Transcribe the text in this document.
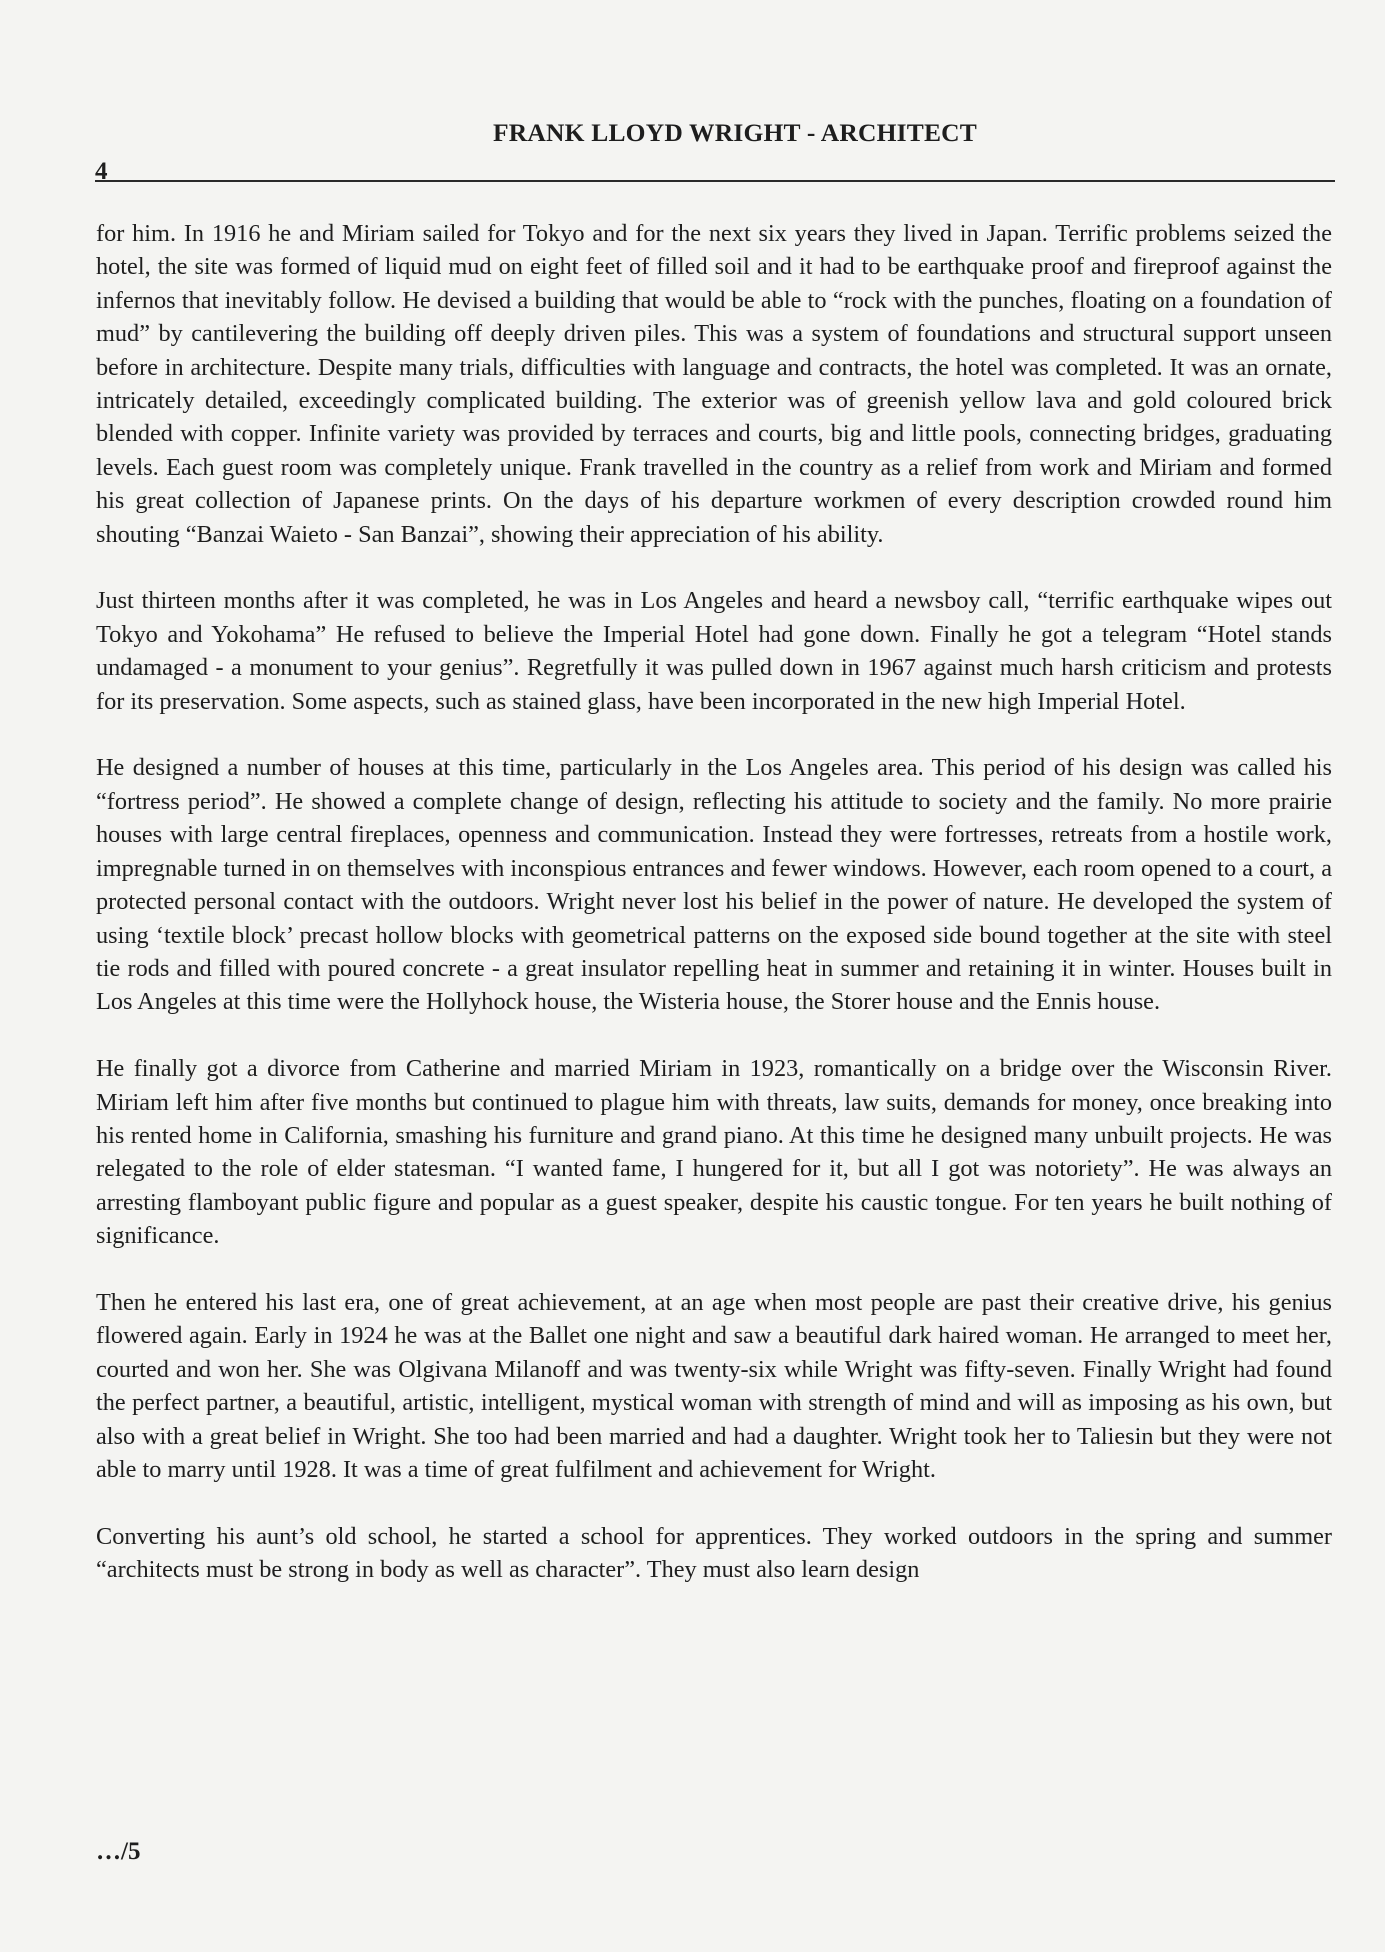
FRANK LLOYD WRIGHT - ARCHITECT
4

for him. In 1916 he and Miriam sailed for Tokyo and for the next six years they lived in Japan. Terrific problems seized the hotel, the site was formed of liquid mud on eight feet of filled soil and it had to be earthquake proof and fireproof against the infernos that inevitably follow. He devised a building that would be able to “rock with the punches, floating on a foundation of mud” by cantilevering the building off deeply driven piles. This was a system of foundations and structural support unseen before in architecture. Despite many trials, difficulties with language and contracts, the hotel was completed. It was an ornate, intricately detailed, exceedingly complicated building. The exterior was of greenish yellow lava and gold coloured brick blended with copper. Infinite variety was provided by terraces and courts, big and little pools, connecting bridges, graduating levels. Each guest room was completely unique. Frank travelled in the country as a relief from work and Miriam and formed his great collection of Japanese prints. On the days of his departure workmen of every description crowded round him shouting “Banzai Waieto - San Banzai”, showing their appreciation of his ability.

Just thirteen months after it was completed, he was in Los Angeles and heard a newsboy call, “terrific earthquake wipes out Tokyo and Yokohama” He refused to believe the Imperial Hotel had gone down. Finally he got a telegram “Hotel stands undamaged - a monument to your genius”. Regretfully it was pulled down in 1967 against much harsh criticism and protests for its preservation. Some aspects, such as stained glass, have been incorporated in the new high Imperial Hotel.

He designed a number of houses at this time, particularly in the Los Angeles area. This period of his design was called his “fortress period”. He showed a complete change of design, reflecting his attitude to society and the family. No more prairie houses with large central fireplaces, openness and communication. Instead they were fortresses, retreats from a hostile work, impregnable turned in on themselves with inconspious entrances and fewer windows. However, each room opened to a court, a protected personal contact with the outdoors. Wright never lost his belief in the power of nature. He developed the system of using ‘textile block’ precast hollow blocks with geometrical patterns on the exposed side bound together at the site with steel tie rods and filled with poured concrete - a great insulator repelling heat in summer and retaining it in winter. Houses built in Los Angeles at this time were the Hollyhock house, the Wisteria house, the Storer house and the Ennis house.

He finally got a divorce from Catherine and married Miriam in 1923, romantically on a bridge over the Wisconsin River. Miriam left him after five months but continued to plague him with threats, law suits, demands for money, once breaking into his rented home in California, smashing his furniture and grand piano. At this time he designed many unbuilt projects. He was relegated to the role of elder statesman. “I wanted fame, I hungered for it, but all I got was notoriety”. He was always an arresting flamboyant public figure and popular as a guest speaker, despite his caustic tongue. For ten years he built nothing of significance.

Then he entered his last era, one of great achievement, at an age when most people are past their creative drive, his genius flowered again. Early in 1924 he was at the Ballet one night and saw a beautiful dark haired woman. He arranged to meet her, courted and won her. She was Olgivana Milanoff and was twenty-six while Wright was fifty-seven. Finally Wright had found the perfect partner, a beautiful, artistic, intelligent, mystical woman with strength of mind and will as imposing as his own, but also with a great belief in Wright. She too had been married and had a daughter. Wright took her to Taliesin but they were not able to marry until 1928. It was a time of great fulfilment and achievement for Wright.

Converting his aunt’s old school, he started a school for apprentices. They worked outdoors in the spring and summer “architects must be strong in body as well as character”. They must also learn design

…/5
